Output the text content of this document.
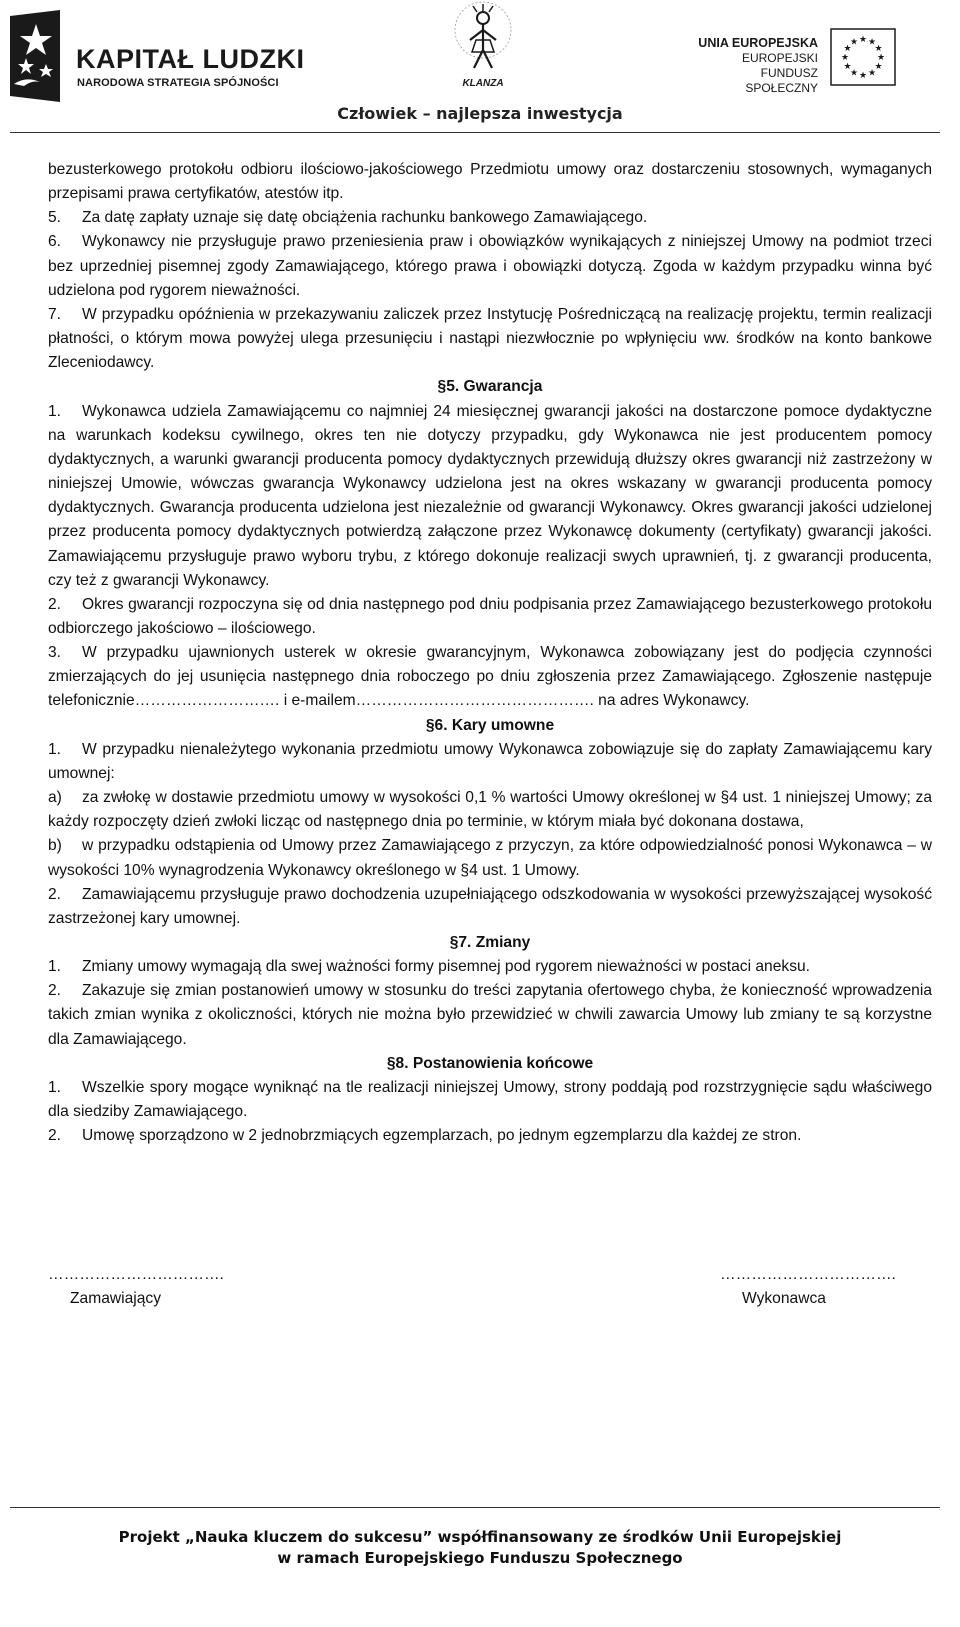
KAPITAŁ LUDZKI
NARODOWA STRATEGIA SPÓJNOŚCI	KLANZA
UNIA EUROPEJSKA
EUROPEJSKI
FUNDUSZ SPOŁECZNY
★ ★
★
★
★
★
★
★
★
★
★
★
Człowiek – najlepsza inwestycja

bezusterkowego protokołu odbioru ilościowo-jakościowego Przedmiotu umowy oraz dostarczeniu stosownych, wymaganych przepisami prawa certyfikatów, atestów itp.

5. Za datę zapłaty uznaje się datę obciążenia rachunku bankowego Zamawiającego.

6. Wykonawcy nie przysługuje prawo przeniesienia praw i obowiązków wynikających z niniejszej Umowy na podmiot trzeci bez uprzedniej pisemnej zgody Zamawiającego, którego prawa i obowiązki dotyczą. Zgoda w każdym przypadku winna być udzielona pod rygorem nieważności.

7. W przypadku opóźnienia w przekazywaniu zaliczek przez Instytucję Pośredniczącą na realizację projektu, termin realizacji płatności, o którym mowa powyżej ulega przesunięciu i nastąpi niezwłocznie po wpłynięciu ww. środków na konto bankowe Zleceniodawcy.

§5. Gwarancja

1. Wykonawca udziela Zamawiającemu co najmniej 24 miesięcznej gwarancji jakości na dostarczone pomoce dydaktyczne na warunkach kodeksu cywilnego, okres ten nie dotyczy przypadku, gdy Wykonawca nie jest producentem pomocy dydaktycznych, a warunki gwarancji producenta pomocy dydaktycznych przewidują dłuższy okres gwarancji niż zastrzeżony w niniejszej Umowie, wówczas gwarancja Wykonawcy udzielona jest na okres wskazany w gwarancji producenta pomocy dydaktycznych. Gwarancja producenta udzielona jest niezależnie od gwarancji Wykonawcy. Okres gwarancji jakości udzielonej przez producenta pomocy dydaktycznych potwierdzą załączone przez Wykonawcę dokumenty (certyfikaty) gwarancji jakości. Zamawiającemu przysługuje prawo wyboru trybu, z którego dokonuje realizacji swych uprawnień, tj. z gwarancji producenta, czy też z gwarancji Wykonawcy.

2. Okres gwarancji rozpoczyna się od dnia następnego pod dniu podpisania przez Zamawiającego bezusterkowego protokołu odbiorczego jakościowo – ilościowego.

3. W przypadku ujawnionych usterek w okresie gwarancyjnym, Wykonawca zobowiązany jest do podjęcia czynności zmierzających do jej usunięcia następnego dnia roboczego po dniu zgłoszenia przez Zamawiającego. Zgłoszenie następuje telefonicznie………………………. i e-mailem………………………………………. na adres Wykonawcy.

§6. Kary umowne

1. W przypadku nienależytego wykonania przedmiotu umowy Wykonawca zobowiązuje się do zapłaty Zamawiającemu kary umownej:

a) za zwłokę w dostawie przedmiotu umowy w wysokości 0,1 % wartości Umowy określonej w §4 ust. 1 niniejszej Umowy; za każdy rozpoczęty dzień zwłoki licząc od następnego dnia po terminie, w którym miała być dokonana dostawa,

b) w przypadku odstąpienia od Umowy przez Zamawiającego z przyczyn, za które odpowiedzialność ponosi Wykonawca – w wysokości 10% wynagrodzenia Wykonawcy określonego w §4 ust. 1 Umowy.

2. Zamawiającemu przysługuje prawo dochodzenia uzupełniającego odszkodowania w wysokości przewyższającej wysokość zastrzeżonej kary umownej.

§7. Zmiany

1. Zmiany umowy wymagają dla swej ważności formy pisemnej pod rygorem nieważności w postaci aneksu.

2. Zakazuje się zmian postanowień umowy w stosunku do treści zapytania ofertowego chyba, że konieczność wprowadzenia takich zmian wynika z okoliczności, których nie można było przewidzieć w chwili zawarcia Umowy lub zmiany te są korzystne dla Zamawiającego.

§8. Postanowienia końcowe

1. Wszelkie spory mogące wyniknąć na tle realizacji niniejszej Umowy, strony poddają pod rozstrzygnięcie sądu właściwego dla siedziby Zamawiającego.

2. Umowę sporządzono w 2 jednobrzmiących egzemplarzach, po jednym egzemplarzu dla każdej ze stron.

…………………………….
Zamawiający
…………………………….
Wykonawca
Projekt „Nauka kluczem do sukcesu” współfinansowany ze środków Unii Europejskiej
w ramach Europejskiego Funduszu Społecznego
